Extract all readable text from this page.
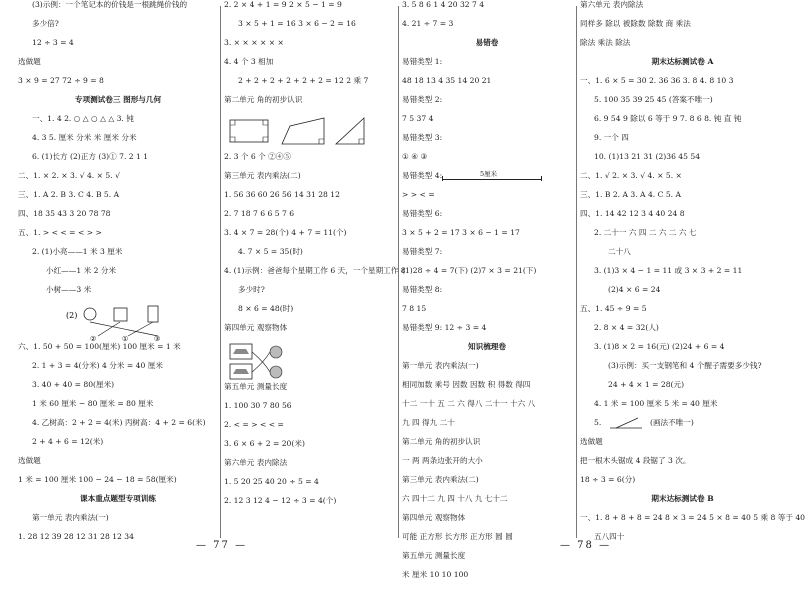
(3)示例：一个笔记本的价钱是一根跳绳价钱的
多少倍?
12 ÷ 3 = 4
选做题
3 × 9 = 27 72 ÷ 9 = 8
专项测试卷三 图形与几何
一、1. 4 2. ○ △ ○ △ △ 3. 钝
4. 3 5. 厘米 分米 米 厘米 分米
6. (1)长方 (2)正方 (3)① 7. 2 1 1
二、1. × 2. × 3. √ 4. × 5. √
三、1. A 2. B 3. C 4. B 5. A
四、18 35 43 3 20 78 78
五、1. > < < = < > >
2. (1)小亮——1 米 3 厘米
小红——1 米 2 分米
小树——3 米
(2)
②	①	③
六、1. 50 + 50 = 100(厘米) 100 厘米 = 1 米
2. 1 + 3 = 4(分米) 4 分米 = 40 厘米
3. 40 + 40 = 80(厘米)
1 米 60 厘米 − 80 厘米 = 80 厘米
4. 乙树高：2 + 2 = 4(米) 丙树高：4 + 2 = 6(米)
2 + 4 + 6 = 12(米)
选做题
1 米 = 100 厘米 100 − 24 − 18 = 58(厘米)
课本重点题型专项训练
第一单元 表内乘法(一)
1. 28 12 39 28 12 31 28 12 34
2. 2 × 4 + 1 = 9 2 × 5 − 1 = 9
3 × 5 + 1 = 16 3 × 6 − 2 = 16
3. × × × × × ×
4. 4 个 3 相加
2 + 2 + 2 + 2 + 2 + 2 = 12 2 乘 7
第二单元 角的初步认识
2. 3 个 6 个 ②④⑤
第三单元 表内乘法(二)
1. 56 36 60 26 56 14 31 28 12
2. 7 18 7 6 6 5 7 6
3. 4 × 7 = 28(个) 4 + 7 = 11(个)
4. 7 × 5 = 35(时)
4. (1)示例：爸爸每个星期工作 6 天，一个星期工作 8
多少时?
8 × 6 = 48(时)
第四单元 观察物体
第五单元 测量长度
1. 100 30 7 80 56
2. < = > < < =
3. 6 × 6 + 2 = 20(米)
第六单元 表内除法
1. 5 20 25 40 20 ÷ 5 = 4
2. 12 3 12 4 − 12 ÷ 3 = 4(个)
3. 5 8 6 1 4 20 32 7 4
4. 21 ÷ 7 = 3
易错卷
易错类型 1:
48 18 13 4 35 14 20 21
易错类型 2:
7 5 37 4
易错类型 3:
① ④ ③
易错类型 4:	5厘米
> > < =
易错类型 6:
3 × 5 + 2 = 17 3 × 6 − 1 = 17
易错类型 7:
(1)28 ÷ 4 = 7(下) (2)7 × 3 = 21(下)
易错类型 8:
7 8 15
易错类型 9: 12 ÷ 3 = 4
知识梳理卷
第一单元 表内乘法(一)
相同加数 乘号 因数 因数 积 得数 得四
十二 一十 五 二 六 得八 二十一 十六 八
九 四 得九 二十
第二单元 角的初步认识
一 两 两条边张开的大小
第三单元 表内乘法(二)
六 四十二 九 四 十八 九 七十二
第四单元 观察物体
可能 正方形 长方形 正方形 圆 圆
第五单元 测量长度
米 厘米 10 10 100
第六单元 表内除法
同样多 除以 被除数 除数 商 乘法
除法 乘法 除法
期末达标测试卷 A
一、1. 6 × 5 = 30 2. 36 36 3. 8 4. 8 10 3
5. 100 35 39 25 45 (答案不唯一)
6. 9 54 9 除以 6 等于 9 7. 8 6 8. 钝 直 钝
9. 一个 四
10. (1)13 21 31 (2)36 45 54
二、1. √ 2. × 3. √ 4. × 5. ×
三、1. B 2. A 3. A 4. C 5. A
四、1. 14 42 12 3 4 40 24 8
2. 二十一 六 四 二 六 二 六 七
二十八
3. (1)3 × 4 − 1 = 11 或 3 × 3 + 2 = 11
(2)4 × 6 = 24
五、1. 45 ÷ 9 = 5
2. 8 × 4 = 32(人)
3. (1)8 × 2 = 16(元) (2)24 + 6 = 4
(3)示例：买一支钢笔和 4 个醒子需要多少钱?
24 + 4 × 1 = 28(元)
4. 1 米 = 100 厘米 5 米 = 40 厘米
5.	(画法不唯一)
选做题
把一根木头锯成 4 段锯了 3 次。
18 ÷ 3 = 6(分)
期末达标测试卷 B
一、1. 8 + 8 + 8 = 24 8 × 3 = 24 5 × 8 = 40 5 乘 8 等于 40
五八四十
— 77 —	— 78 —
